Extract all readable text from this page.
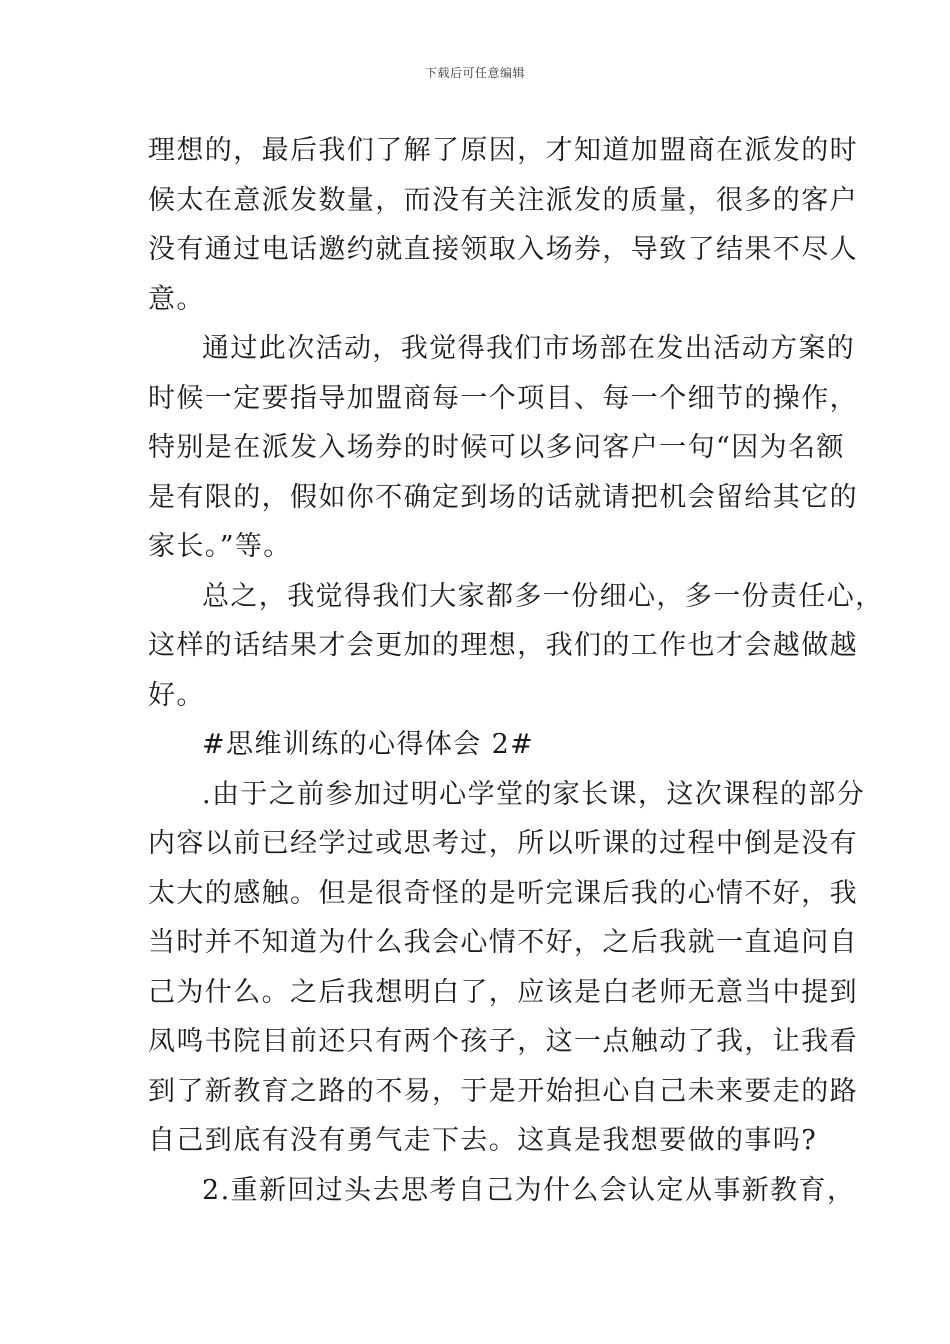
下载后可任意编辑
理想的，最后我们了解了原因，才知道加盟商在派发的时
候太在意派发数量，而没有关注派发的质量，很多的客户
没有通过电话邀约就直接领取入场券，导致了结果不尽人
意。
通过此次活动，我觉得我们市场部在发出活动方案的
时候一定要指导加盟商每一个项目、每一个细节的操作，
特别是在派发入场券的时候可以多问客户一句“因为名额
是有限的，假如你不确定到场的话就请把机会留给其它的
家长。”等。
总之，我觉得我们大家都多一份细心，多一份责任心，
这样的话结果才会更加的理想，我们的工作也才会越做越
好。
#思维训练的心得体会 2#
.由于之前参加过明心学堂的家长课，这次课程的部分
内容以前已经学过或思考过，所以听课的过程中倒是没有
太大的感触。但是很奇怪的是听完课后我的心情不好，我
当时并不知道为什么我会心情不好，之后我就一直追问自
己为什么。之后我想明白了，应该是白老师无意当中提到
凤鸣书院目前还只有两个孩子，这一点触动了我，让我看
到了新教育之路的不易，于是开始担心自己未来要走的路
自己到底有没有勇气走下去。这真是我想要做的事吗?
2.重新回过头去思考自己为什么会认定从事新教育，
